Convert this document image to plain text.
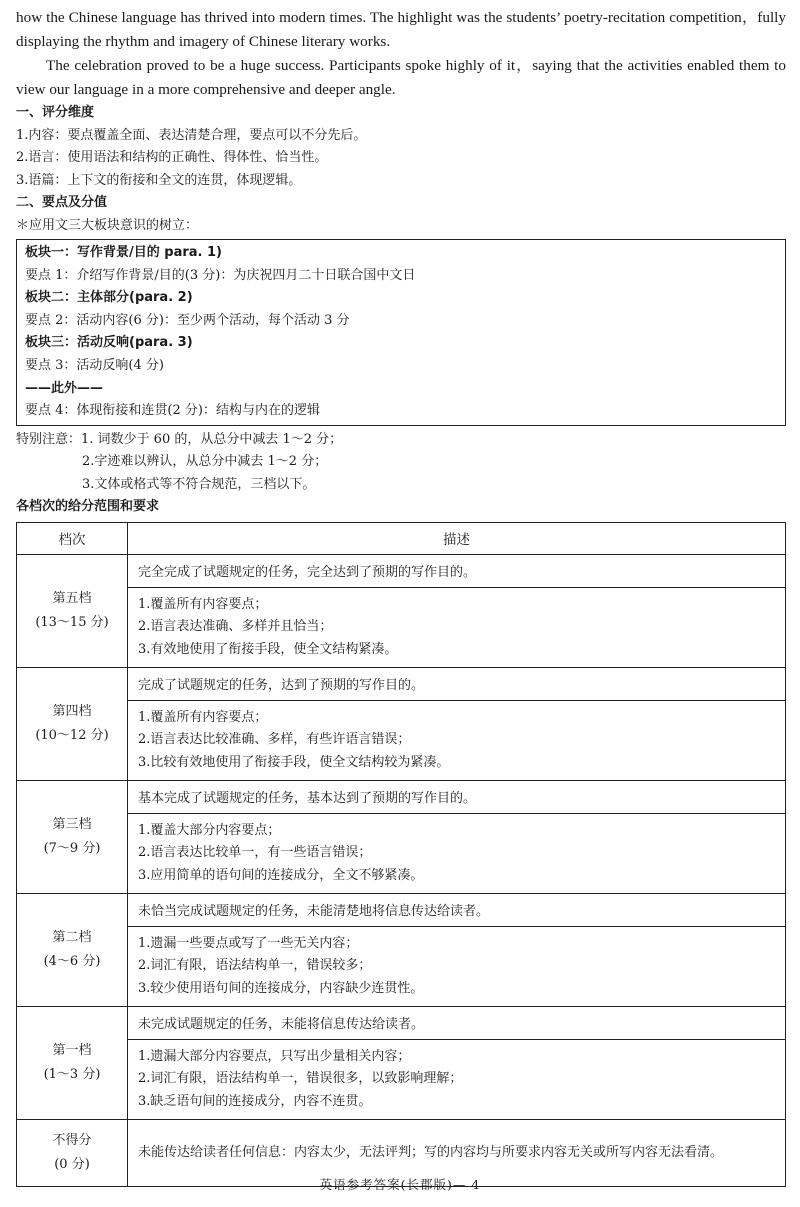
how the Chinese language has thrived into modern times. The highlight was the students’ poetry-recitation competition，fully displaying the rhythm and imagery of Chinese literary works.

The celebration proved to be a huge success. Participants spoke highly of it，saying that the activities enabled them to view our language in a more comprehensive and deeper angle.

一、评分维度
1.内容：要点覆盖全面、表达清楚合理，要点可以不分先后。
2.语言：使用语法和结构的正确性、得体性、恰当性。
3.语篇：上下文的衔接和全文的连贯，体现逻辑。
二、要点及分值
＊应用文三大板块意识的树立：
板块一：写作背景/目的 para. 1)
要点 1：介绍写作背景/目的(3 分)：为庆祝四月二十日联合国中文日
板块二：主体部分(para. 2)
要点 2：活动内容(6 分)：至少两个活动，每个活动 3 分
板块三：活动反响(para. 3)
要点 3：活动反响(4 分)
——此外——
要点 4：体现衔接和连贯(2 分)：结构与内在的逻辑
特别注意：1. 词数少于 60 的，从总分中减去 1～2 分；
2.字迹难以辨认，从总分中减去 1～2 分；
3.文体或格式等不符合规范，三档以下。
各档次的给分范围和要求
档次	描述

第五档
(13～15 分)	完全完成了试题规定的任务，完全达到了预期的写作目的。

	1.覆盖所有内容要点；
2.语言表达准确、多样并且恰当；
3.有效地使用了衔接手段，使全文结构紧凑。

第四档
(10～12 分)	完成了试题规定的任务，达到了预期的写作目的。

	1.覆盖所有内容要点；
2.语言表达比较准确、多样，有些许语言错误；
3.比较有效地使用了衔接手段，使全文结构较为紧凑。

第三档
(7～9 分)	基本完成了试题规定的任务，基本达到了预期的写作目的。

	1.覆盖大部分内容要点；
2.语言表达比较单一，有一些语言错误；
3.应用简单的语句间的连接成分，全文不够紧凑。

第二档
(4～6 分)	未恰当完成试题规定的任务，未能清楚地将信息传达给读者。

	1.遗漏一些要点或写了一些无关内容；
2.词汇有限，语法结构单一，错误较多；
3.较少使用语句间的连接成分，内容缺少连贯性。

第一档
(1～3 分)	未完成试题规定的任务，未能将信息传达给读者。

	1.遗漏大部分内容要点，只写出少量相关内容；
2.词汇有限，语法结构单一，错误很多，以致影响理解；
3.缺乏语句间的连接成分，内容不连贯。

不得分
(0 分)	未能传达给读者任何信息：内容太少，无法评判；写的内容均与所要求内容无关或所写内容无法看清。
英语参考答案(长郡版)— 4
